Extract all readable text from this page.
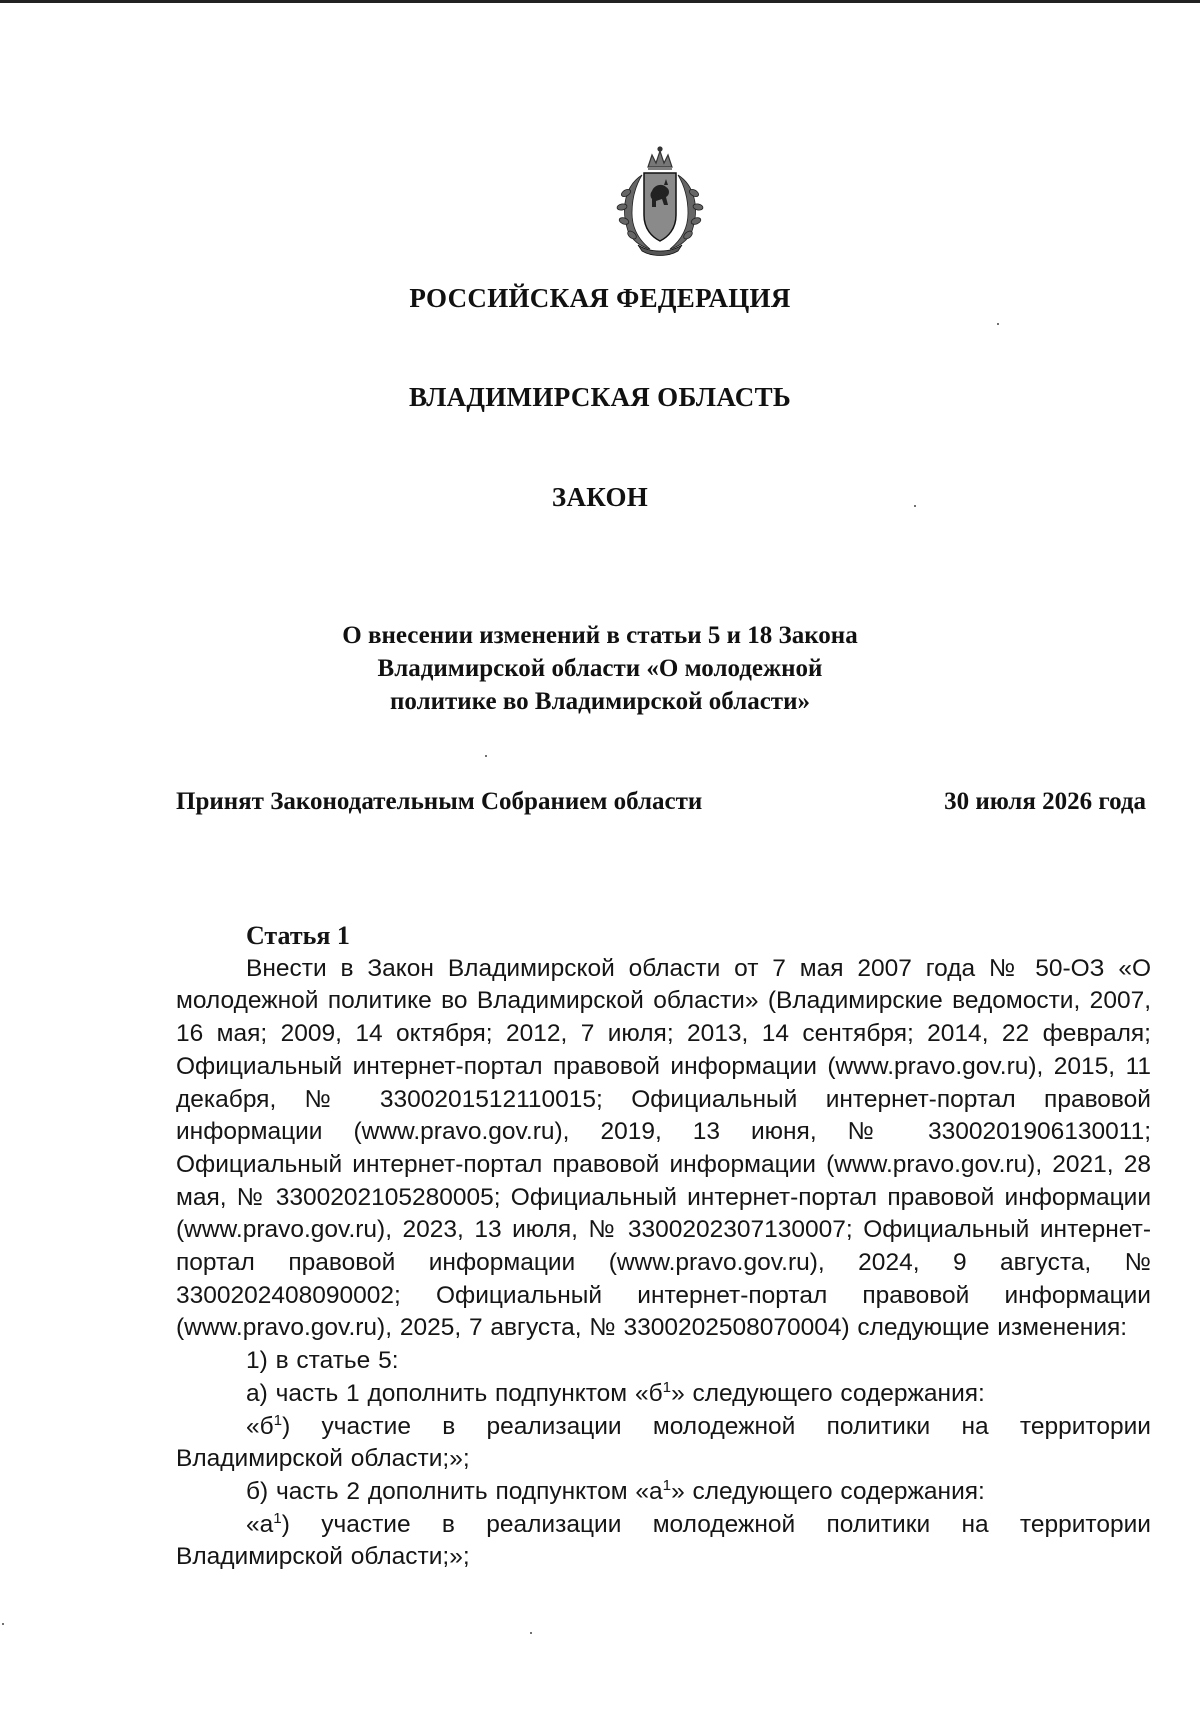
РОССИЙСКАЯ ФЕДЕРАЦИЯ
ВЛАДИМИРСКАЯ ОБЛАСТЬ
ЗАКОН
О внесении изменений в статьи 5 и 18 Закона
Владимирской области «О молодежной
политике во Владимирской области»
Принят Законодательным Собранием области	30 июля 2026 года

Статья 1

Внести в Закон Владимирской области от 7 мая 2007 года № 50-ОЗ «О молодежной политике во Владимирской области» (Владимирские ведомости, 2007, 16 мая; 2009, 14 октября; 2012, 7 июля; 2013, 14 сентября; 2014, 22 февраля; Официальный интернет-портал правовой информации (www.pravo.gov.ru), 2015, 11 декабря, № 3300201512110015; Официальный интернет-портал правовой информации (www.pravo.gov.ru), 2019, 13 июня, № 3300201906130011; Официальный интернет-портал правовой информации (www.pravo.gov.ru), 2021, 28 мая, № 3300202105280005; Официальный интернет-портал правовой информации (www.pravo.gov.ru), 2023, 13 июля, № 3300202307130007; Официальный интернет-портал правовой информации (www.pravo.gov.ru), 2024, 9 августа, № 3300202408090002; Официальный интернет-портал правовой информации (www.pravo.gov.ru), 2025, 7 августа, № 3300202508070004) следующие изменения:

1) в статье 5:

а) часть 1 дополнить подпунктом «$б^1$» следующего содержания:

«$б^1$) участие в реализации молодежной политики на территории Владимирской области;»;

б) часть 2 дополнить подпунктом «$а^1$» следующего содержания:

«$а^1$) участие в реализации молодежной политики на территории Владимирской области;»;
